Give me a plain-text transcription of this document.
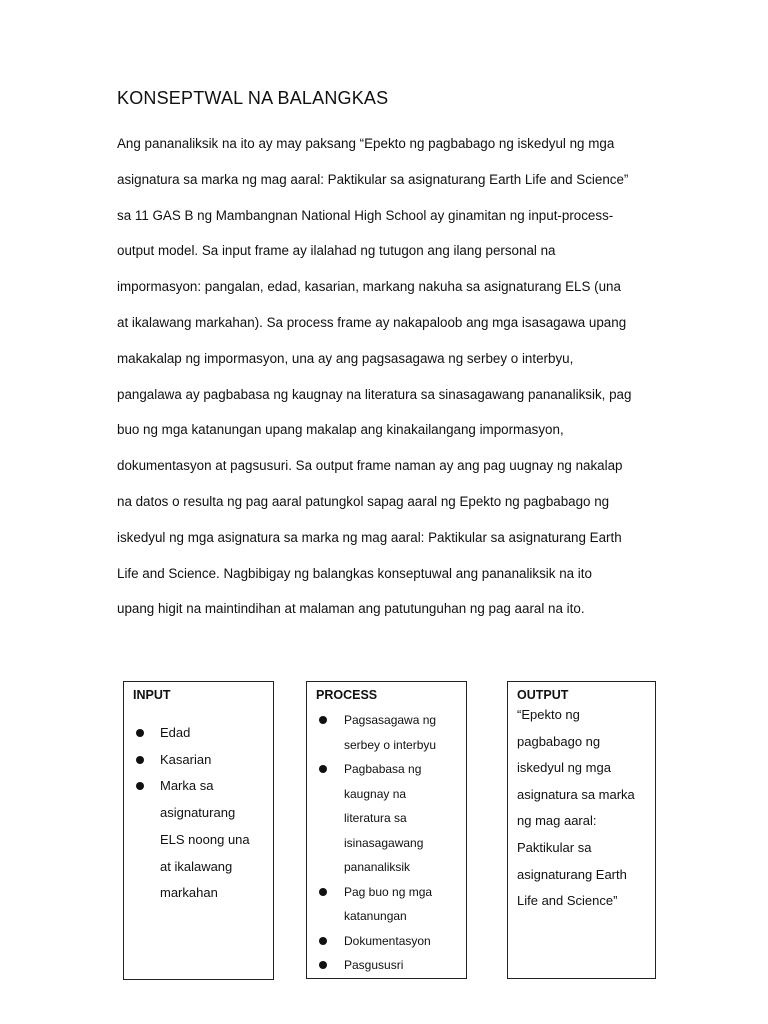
KONSEPTWAL NA BALANGKAS
Ang pananaliksik na ito ay may paksang “Epekto ng pagbabago ng iskedyul ng mga
asignatura sa marka ng mag aaral: Paktikular sa asignaturang Earth Life and Science”
sa 11 GAS B ng Mambangnan National High School ay ginamitan ng input-process-
output model. Sa input frame ay ilalahad ng tutugon ang ilang personal na
impormasyon: pangalan, edad, kasarian, markang nakuha sa asignaturang ELS (una
at ikalawang markahan). Sa process frame ay nakapaloob ang mga isasagawa upang
makakalap ng impormasyon, una ay ang pagsasagawa ng serbey o interbyu,
pangalawa ay pagbabasa ng kaugnay na literatura sa sinasagawang pananaliksik, pag
buo ng mga katanungan upang makalap ang kinakailangang impormasyon,
dokumentasyon at pagsusuri. Sa output frame naman ay ang pag uugnay ng nakalap
na datos o resulta ng pag aaral patungkol sapag aaral ng Epekto ng pagbabago ng
iskedyul ng mga asignatura sa marka ng mag aaral: Paktikular sa asignaturang Earth
Life and Science. Nagbibigay ng balangkas konseptuwal ang pananaliksik na ito
upang higit na maintindihan at malaman ang patutunguhan ng pag aaral na ito.
INPUT
Edad
Kasarian
Marka sa
asignaturang
ELS noong una
at ikalawang
markahan
PROCESS
Pagsasagawa ng
serbey o interbyu
Pagbabasa ng
kaugnay na
literatura sa
isinasagawang
pananaliksik
Pag buo ng mga
katanungan
Dokumentasyon
Pasgususri
OUTPUT
“Epekto ng
pagbabago ng
iskedyul ng mga
asignatura sa marka
ng mag aaral:
Paktikular sa
asignaturang Earth
Life and Science”
